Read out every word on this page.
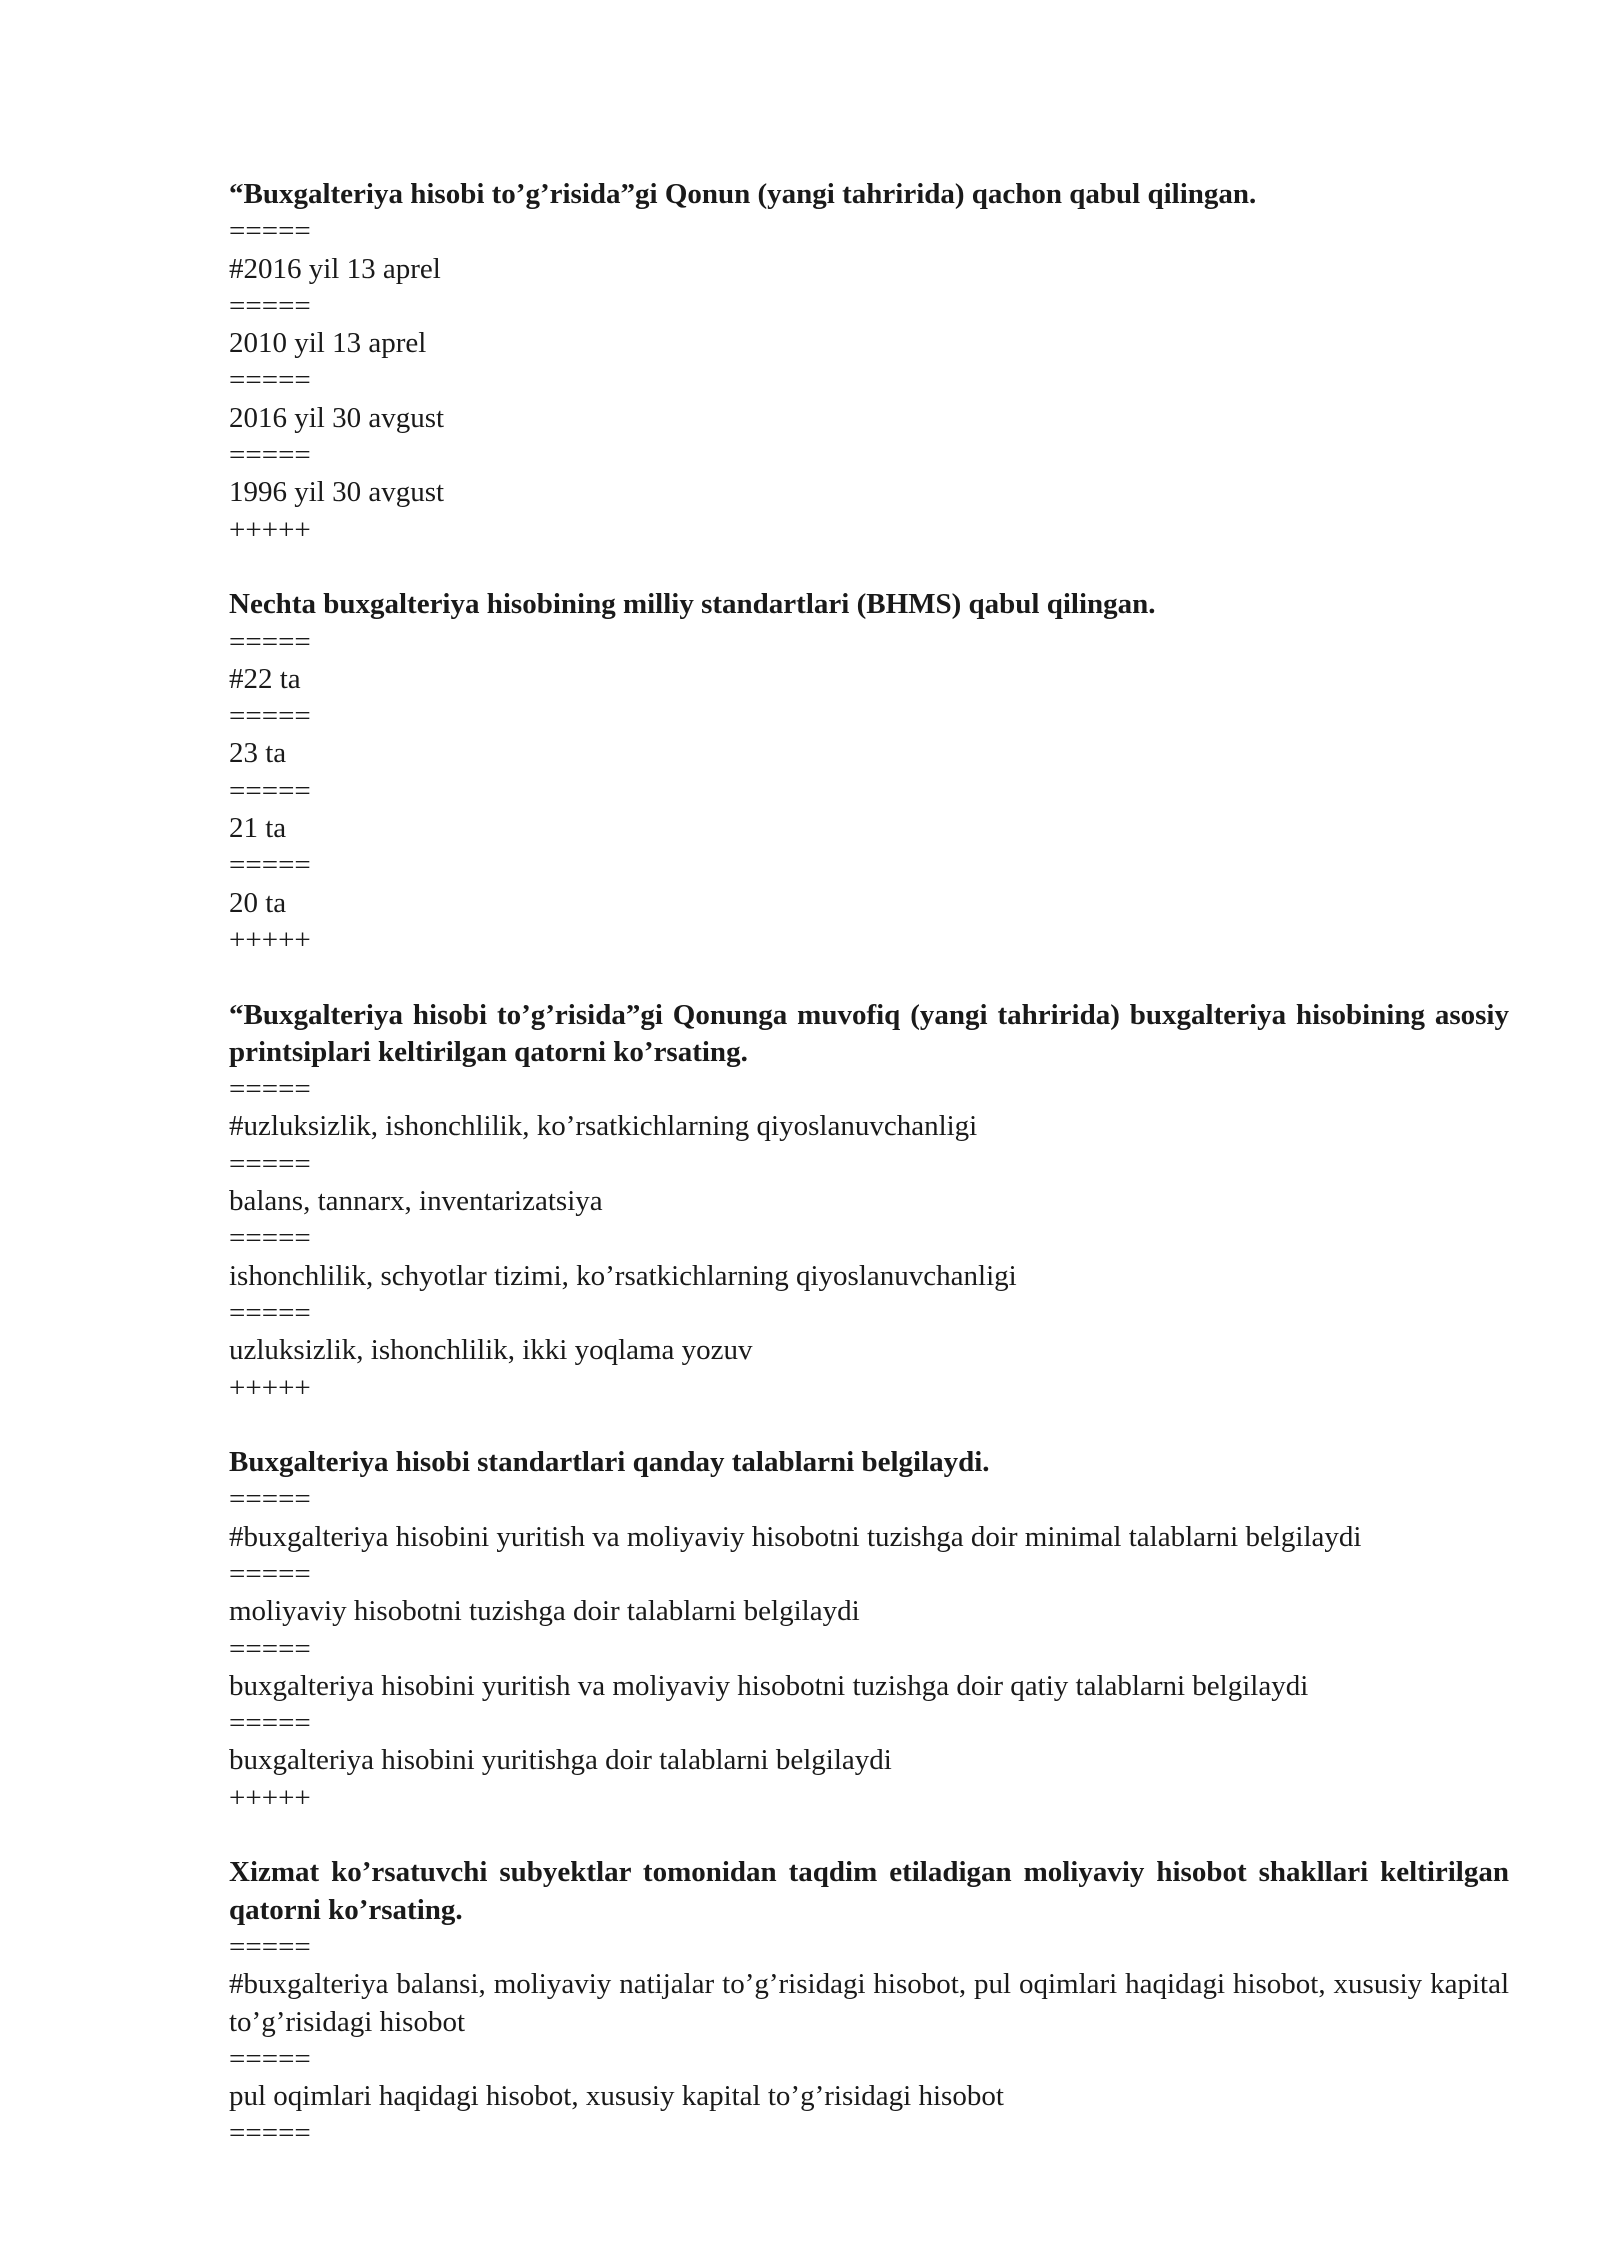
“Buxgalteriya hisobi to’g’risida”gi Qonun (yangi tahririda) qachon qabul qilingan.
=====
#2016 yil 13 aprel
=====
2010 yil 13 aprel
=====
2016 yil 30 avgust
=====
1996 yil 30 avgust
+++++
Nechta buxgalteriya hisobining milliy standartlari (BHMS) qabul qilingan.
=====
#22 ta
=====
23 ta
=====
21 ta
=====
20 ta
+++++
“Buxgalteriya hisobi to’g’risida”gi Qonunga muvofiq (yangi tahririda) buxgalteriya hisobining asosiy printsiplari keltirilgan qatorni ko’rsating.
=====
#uzluksizlik, ishonchlilik, ko’rsatkichlarning qiyoslanuvchanligi
=====
balans, tannarx, inventarizatsiya
=====
ishonchlilik, schyotlar tizimi, ko’rsatkichlarning qiyoslanuvchanligi
=====
uzluksizlik, ishonchlilik, ikki yoqlama yozuv
+++++
Buxgalteriya hisobi standartlari qanday talablarni belgilaydi.
=====
#buxgalteriya hisobini yuritish va moliyaviy hisobotni tuzishga doir minimal talablarni belgilaydi
=====
moliyaviy hisobotni tuzishga doir talablarni belgilaydi
=====
buxgalteriya hisobini yuritish va moliyaviy hisobotni tuzishga doir qatiy talablarni belgilaydi
=====
buxgalteriya hisobini yuritishga doir talablarni belgilaydi
+++++
Xizmat ko’rsatuvchi subyektlar tomonidan taqdim etiladigan moliyaviy hisobot shakllari keltirilgan qatorni ko’rsating.
=====
#buxgalteriya balansi, moliyaviy natijalar to’g’risidagi hisobot, pul oqimlari haqidagi hisobot, xususiy kapital to’g’risidagi hisobot
=====
pul oqimlari haqidagi hisobot, xususiy kapital to’g’risidagi hisobot
=====
